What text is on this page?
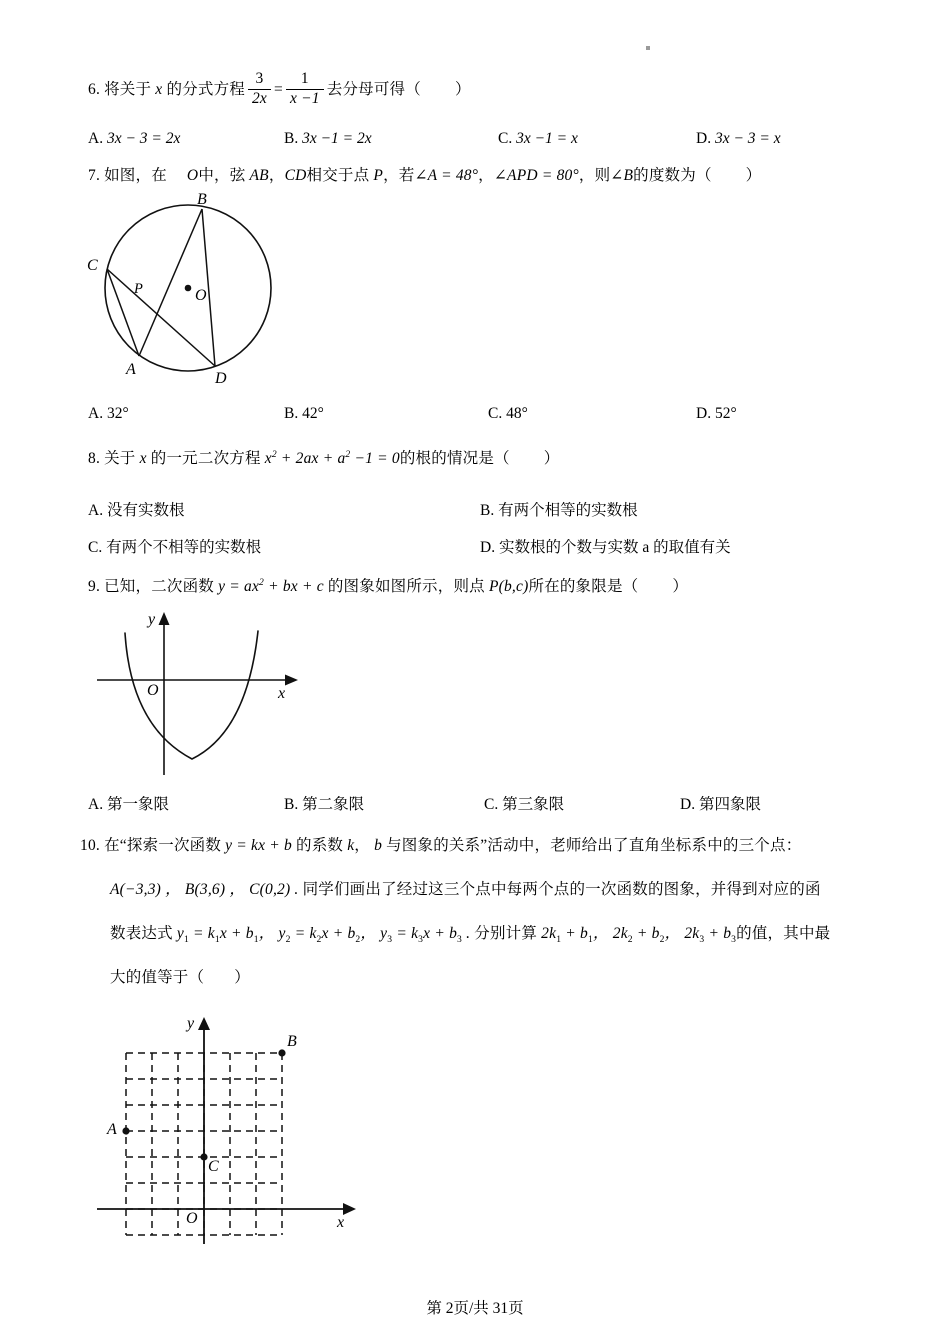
6. 将关于 x 的分式方程 $\frac{3}{2x} = \frac{1}{x -1}$ 去分母可得（ ）
A. 3x − 3 = 2x	B. 3x −1 = 2x	C. 3x −1 = x	D. 3x − 3 = x
7. 如图，在 O中，弦 AB，CD相交于点 P，若∠A = 48°，∠APD = 80°，则∠B的度数为（ ）
B
C
P	O
A
D
A. 32°	B. 42°	C. 48°	D. 52°
8. 关于 x 的一元二次方程 $x^2 + 2ax + a^2 -1 = 0$的根的情况是（ ）
A. 没有实数根	B. 有两个相等的实数根
C. 有两个不相等的实数根	D. 实数根的个数与实数 a 的取值有关
9. 已知，二次函数 $y = ax^2$ + bx + c 的图象如图所示，则点 P(b,c)所在的象限是（ ）
y
O	x
A. 第一象限	B. 第二象限	C. 第三象限	D. 第四象限
10. 在“探索一次函数 y = kx + b 的系数 k， b 与图象的关系”活动中，老师给出了直角坐标系中的三个点：
A(−3,3) ， B(3,6) ， C(0,2) . 同学们画出了经过这三个点中每两个点的一次函数的图象，并得到对应的函
数表达式 $y_1 = k_1x + b_1$， $y_2 = k_2x + b_2$， $y_3 = k_3x + b_3$ . 分别计算 $2k_1 + b_1$， $2k_2 + b_2$， $2k_3 + b_3$的值，其中最
大的值等于（ ）
y
B
A
C
O	x
第 2页/共 31页
